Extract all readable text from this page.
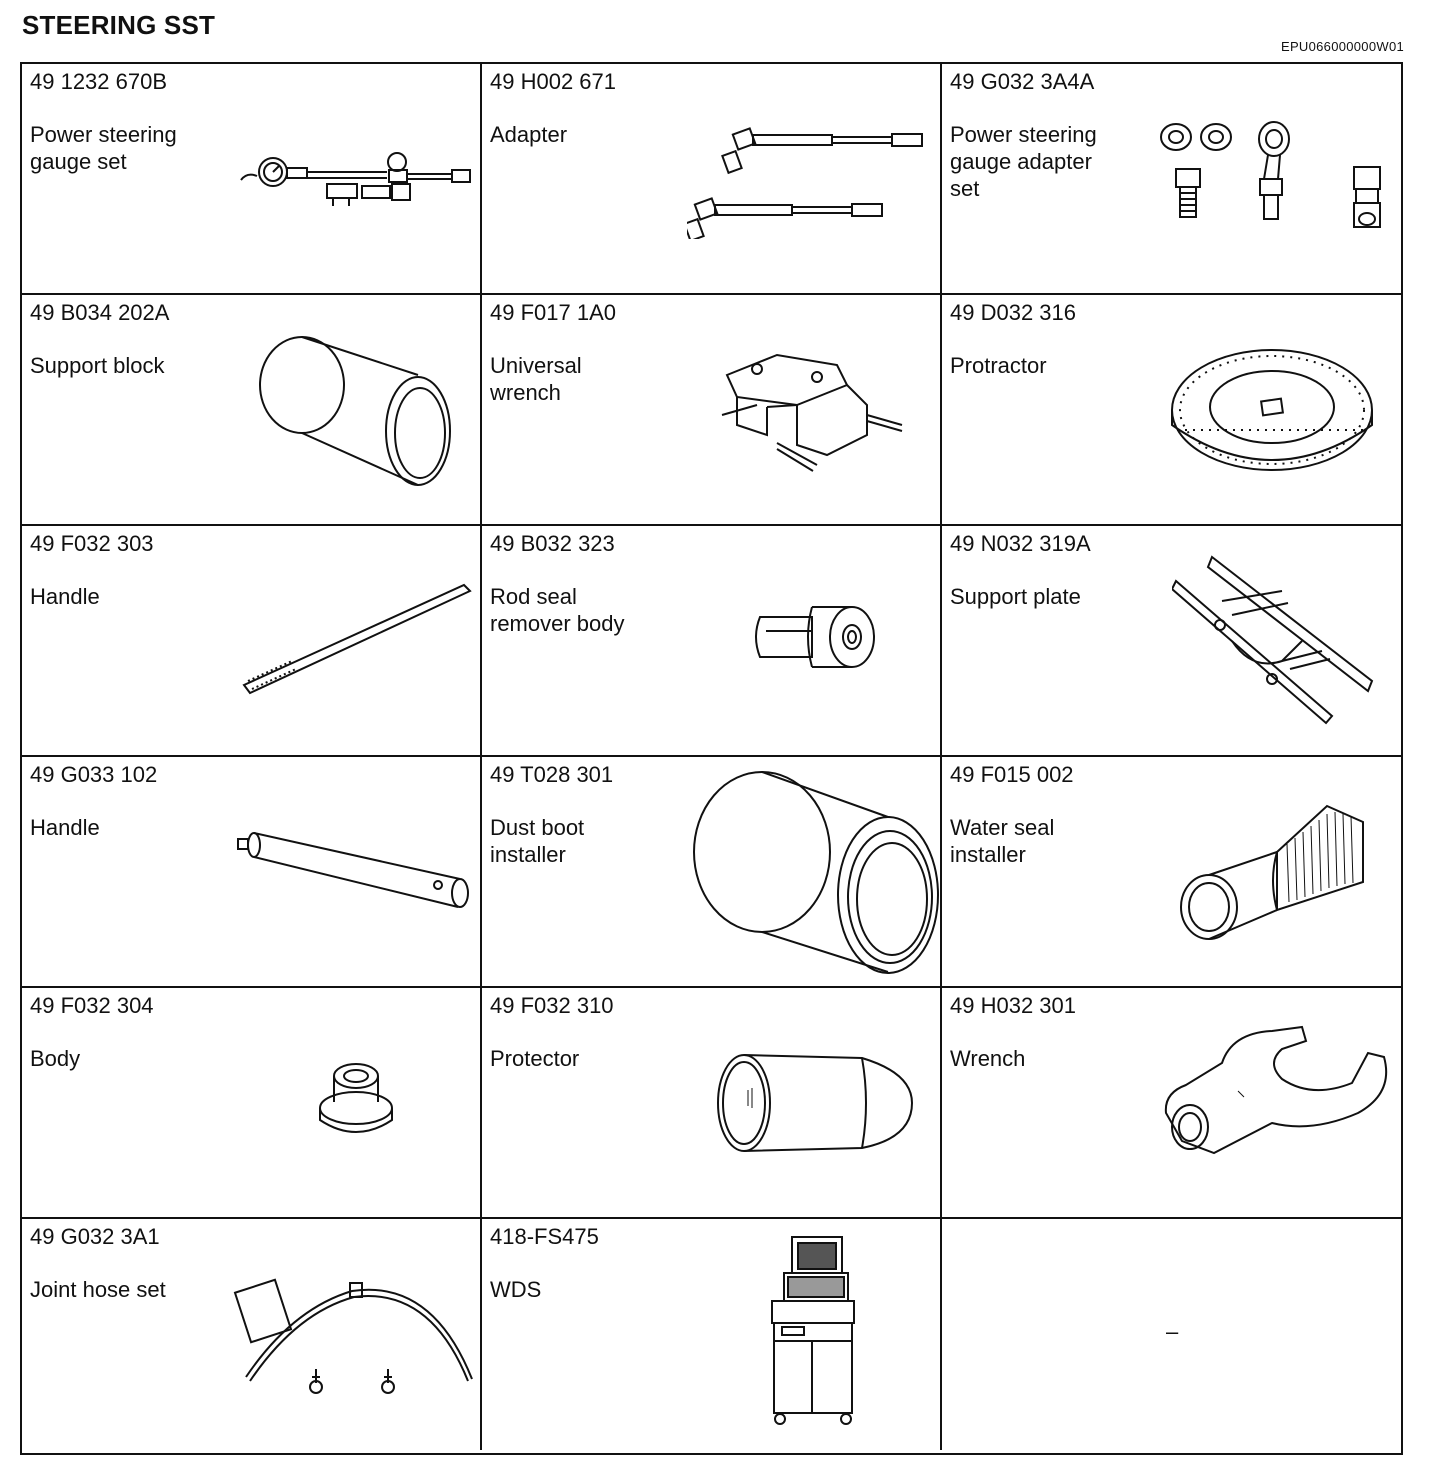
STEERING SST
EPU066000000W01
49 1232 670B
Power steering
gauge set
49 H002 671
Adapter
49 G032 3A4A
Power steering
gauge adapter
set
49 B034 202A
Support block
49 F017 1A0
Universal
wrench
49 D032 316
Protractor
49 F032 303
Handle
49 B032 323
Rod seal
remover body
49 N032 319A
Support plate
49 G033 102
Handle
49 T028 301
Dust boot
installer
49 F015 002
Water seal
installer
49 F032 304
Body
49 F032 310
Protector
49 H032 301
Wrench
49 G032 3A1
Joint hose set
418-FS475
WDS
–
